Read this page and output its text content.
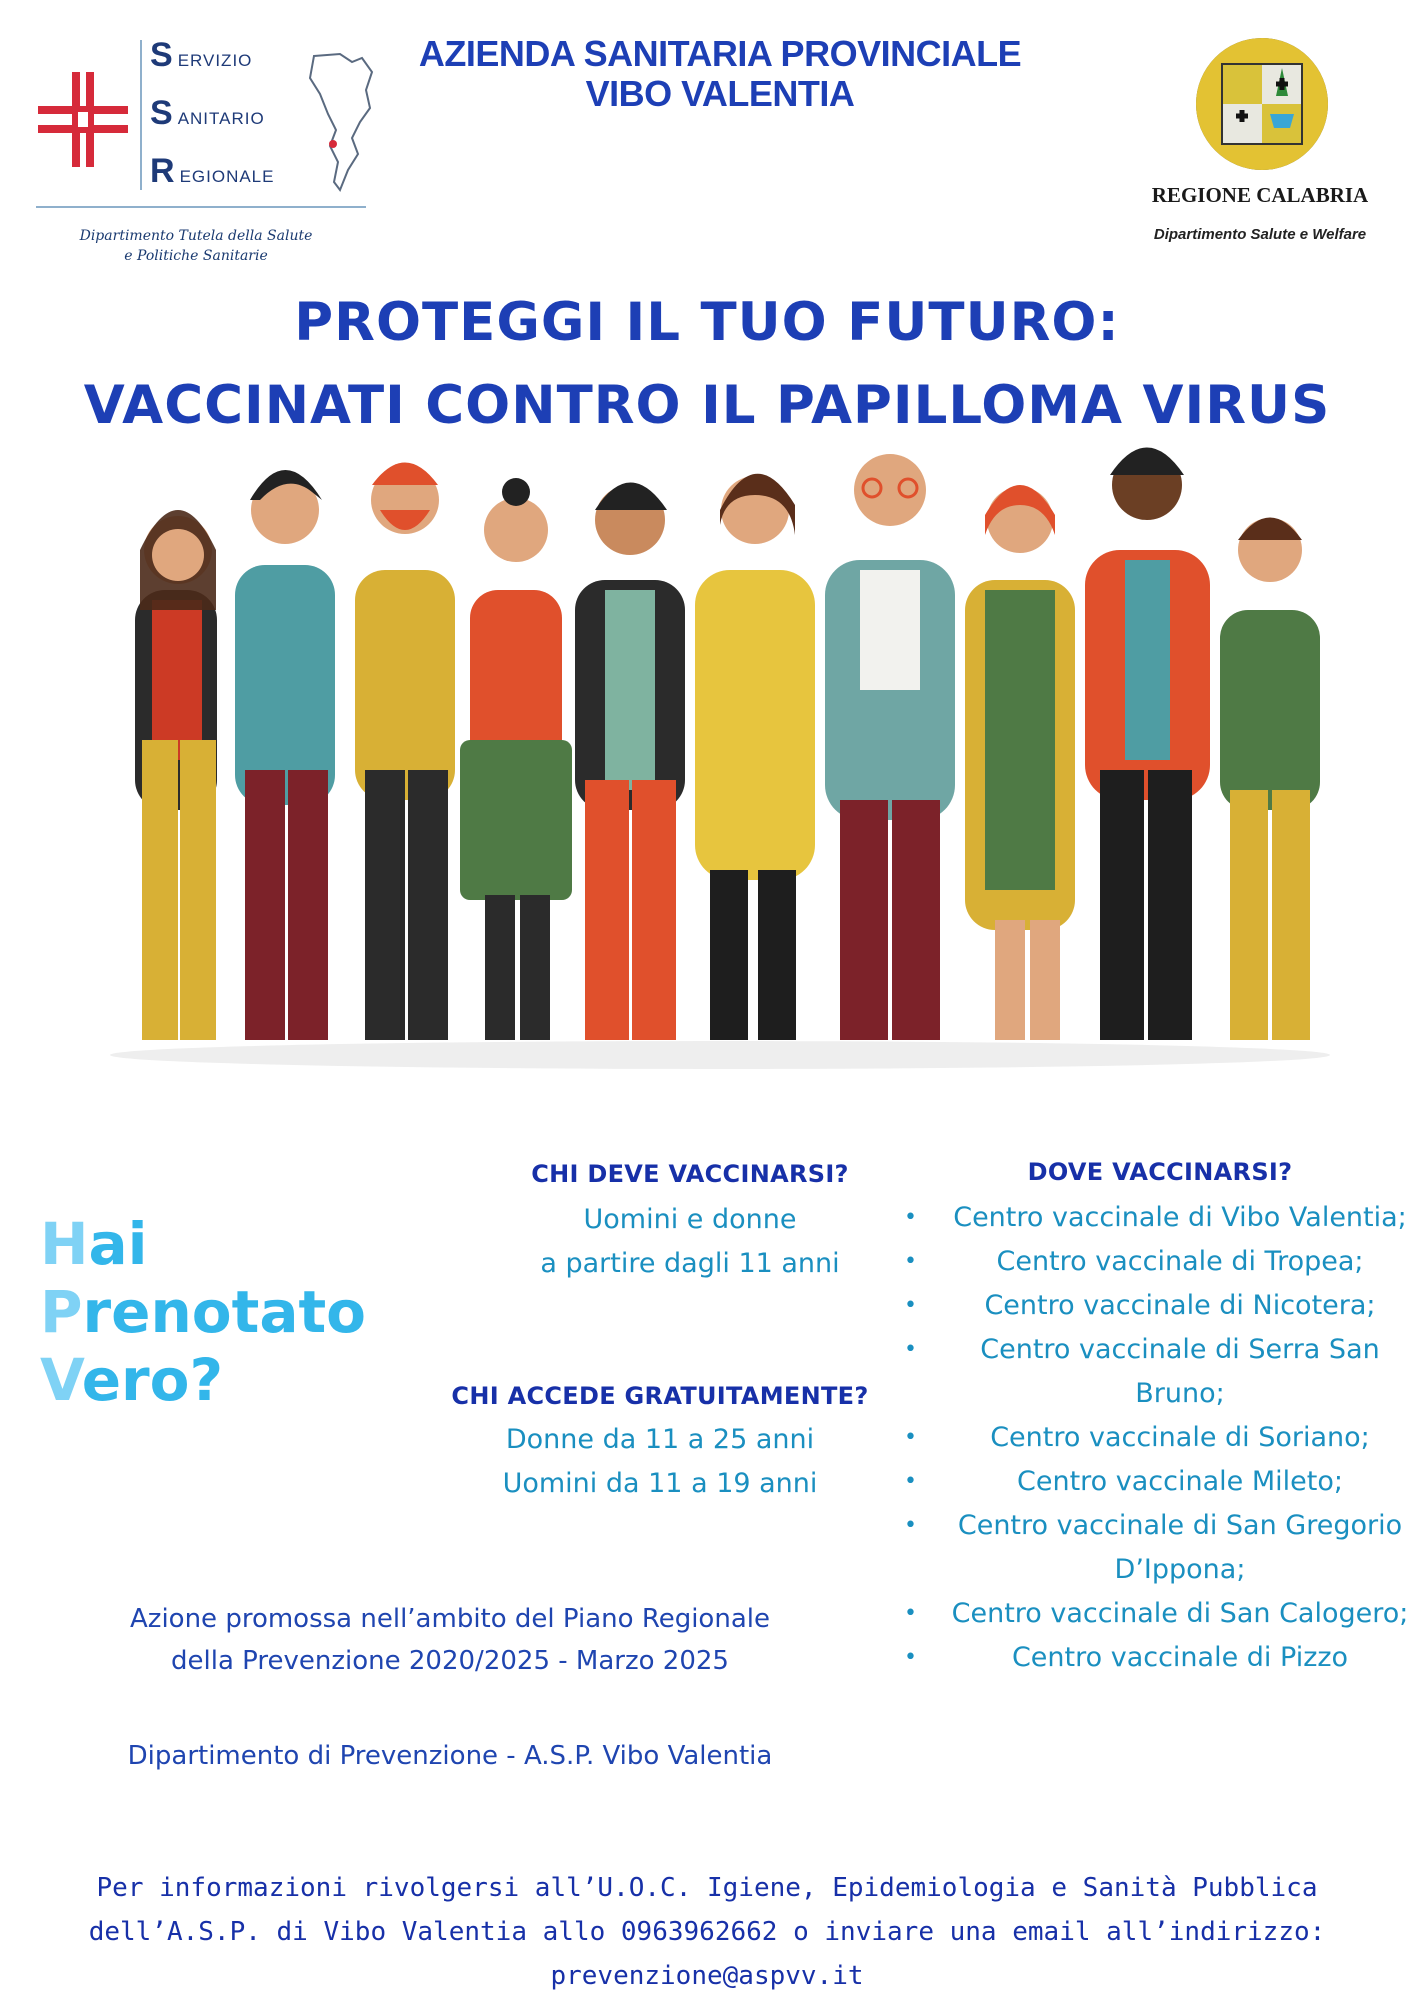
SERVIZIO
SANITARIO
REGIONALE
Dipartimento Tutela della Salute
e Politiche Sanitarie
AZIENDA SANITARIA PROVINCIALE
VIBO VALENTIA
REGIONE CALABRIA
Dipartimento Salute e Welfare
PROTEGGI IL TUO FUTURO:
VACCINATI CONTRO IL PAPILLOMA VIRUS
Hai
Prenotato
Vero?
CHI DEVE VACCINARSI?
Uomini e donne
a partire dagli 11 anni
CHI ACCEDE GRATUITAMENTE?
Donne da 11 a 25 anni
Uomini da 11 a 19 anni
DOVE VACCINARSI?
• Centro vaccinale di Vibo Valentia;
• Centro vaccinale di Tropea;
• Centro vaccinale di Nicotera;
• Centro vaccinale di Serra San Bruno;
• Centro vaccinale di Soriano;
• Centro vaccinale Mileto;
• Centro vaccinale di San Gregorio D’Ippona;
• Centro vaccinale di San Calogero;
• Centro vaccinale di Pizzo
Azione promossa nell’ambito del Piano Regionale
della Prevenzione 2020/2025 - Marzo 2025
Dipartimento di Prevenzione - A.S.P. Vibo Valentia
Per informazioni rivolgersi all’U.O.C. Igiene, Epidemiologia e Sanità Pubblica
dell’A.S.P. di Vibo Valentia allo 0963962662 o inviare una email all’indirizzo:
prevenzione@aspvv.it
